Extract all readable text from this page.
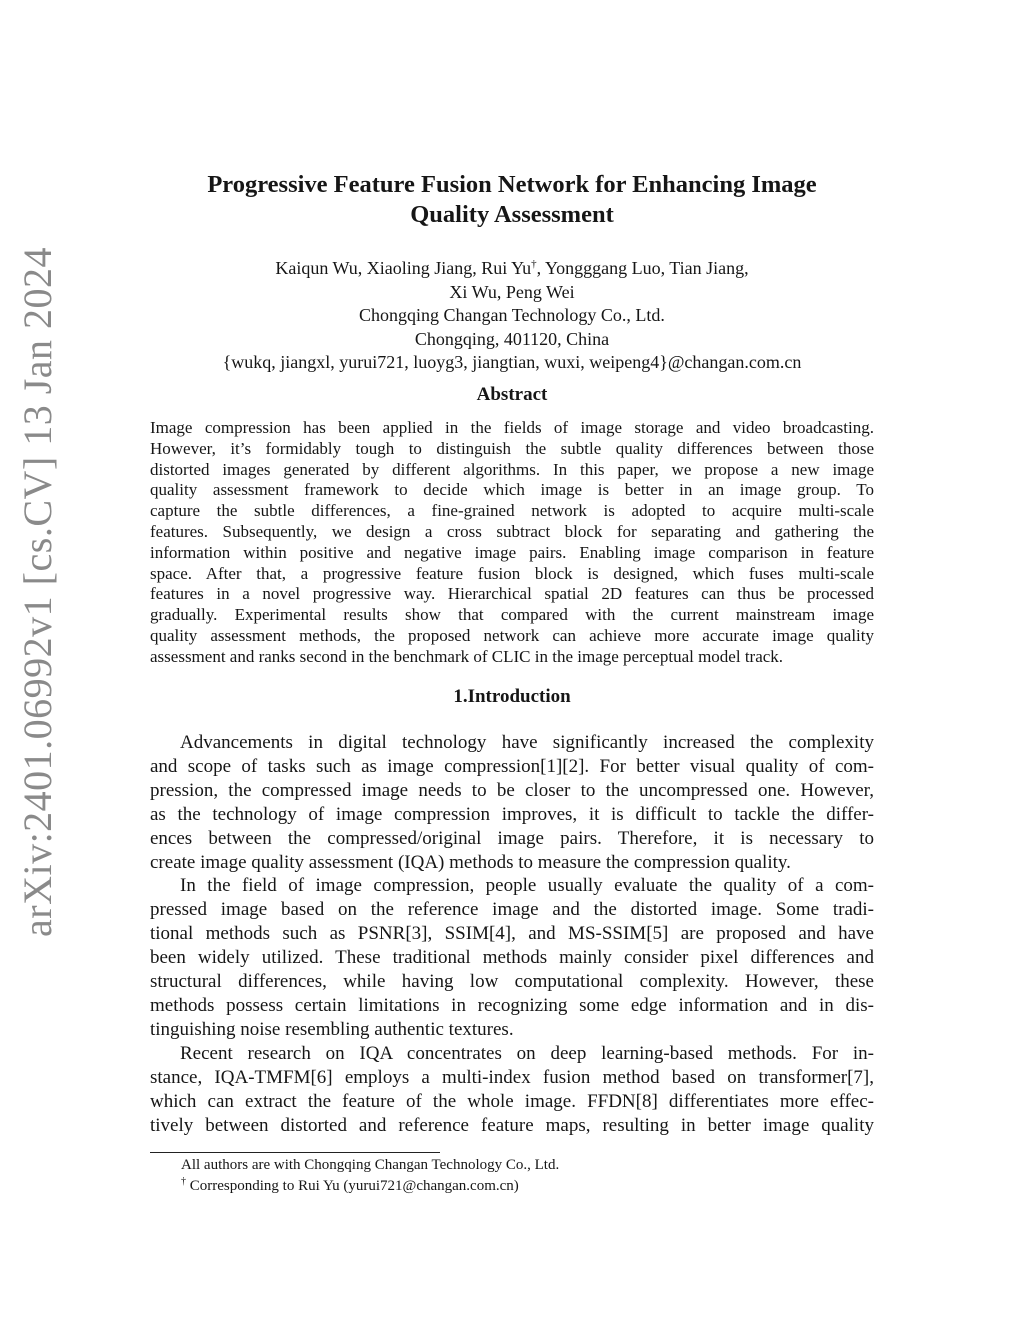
arXiv:2401.06992v1 [cs.CV] 13 Jan 2024
Progressive Feature Fusion Network for Enhancing Image
Quality Assessment
Kaiqun Wu, Xiaoling Jiang, Rui Yu†, Yongggang Luo, Tian Jiang,
Xi Wu, Peng Wei
Chongqing Changan Technology Co., Ltd.
Chongqing, 401120, China
{wukq, jiangxl, yurui721, luoyg3, jiangtian, wuxi, weipeng4}@changan.com.cn
Abstract
Image compression has been applied in the fields of image storage and video broadcasting.
However, it’s formidably tough to distinguish the subtle quality differences between those
distorted images generated by different algorithms. In this paper, we propose a new image
quality assessment framework to decide which image is better in an image group. To
capture the subtle differences, a fine-grained network is adopted to acquire multi-scale
features. Subsequently, we design a cross subtract block for separating and gathering the
information within positive and negative image pairs. Enabling image comparison in feature
space. After that, a progressive feature fusion block is designed, which fuses multi-scale
features in a novel progressive way. Hierarchical spatial 2D features can thus be processed
gradually. Experimental results show that compared with the current mainstream image
quality assessment methods, the proposed network can achieve more accurate image quality
assessment and ranks second in the benchmark of CLIC in the image perceptual model track.
1.Introduction
Advancements in digital technology have significantly increased the complexity
and scope of tasks such as image compression[1][2]. For better visual quality of com-
pression, the compressed image needs to be closer to the uncompressed one. However,
as the technology of image compression improves, it is difficult to tackle the differ-
ences between the compressed/original image pairs. Therefore, it is necessary to
create image quality assessment (IQA) methods to measure the compression quality.
In the field of image compression, people usually evaluate the quality of a com-
pressed image based on the reference image and the distorted image. Some tradi-
tional methods such as PSNR[3], SSIM[4], and MS-SSIM[5] are proposed and have
been widely utilized. These traditional methods mainly consider pixel differences and
structural differences, while having low computational complexity. However, these
methods possess certain limitations in recognizing some edge information and in dis-
tinguishing noise resembling authentic textures.
Recent research on IQA concentrates on deep learning-based methods. For in-
stance, IQA-TMFM[6] employs a multi-index fusion method based on transformer[7],
which can extract the feature of the whole image. FFDN[8] differentiates more effec-
tively between distorted and reference feature maps, resulting in better image quality
All authors are with Chongqing Changan Technology Co., Ltd.
† Corresponding to Rui Yu (yurui721@changan.com.cn)
